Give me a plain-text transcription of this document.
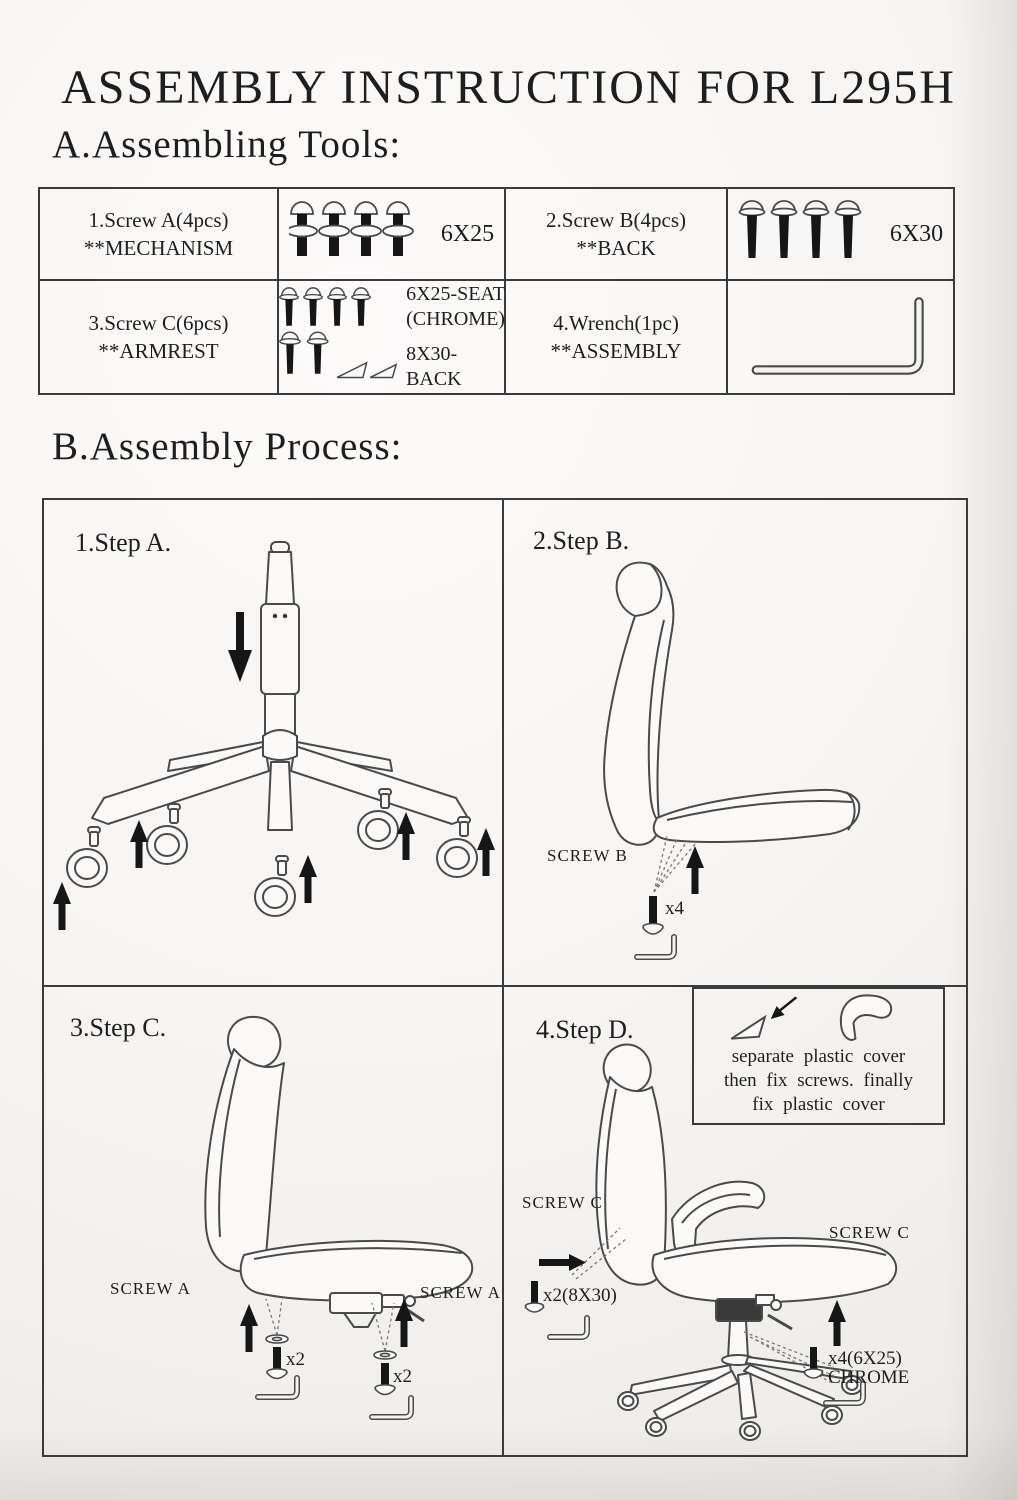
ASSEMBLY INSTRUCTION FOR L295H
A.Assembling Tools:
1.Screw A(4pcs)
**MECHANISM
6X25
2.Screw B(4pcs)
**BACK
6X30
3.Screw C(6pcs)
**ARMREST
6X25-SEAT
(CHROME)
8X30-BACK
4.Wrench(1pc)
**ASSEMBLY
B.Assembly Process:
1.Step A.	2.Step B.
SCREW B
x4
3.Step C.
SCREW A	SCREW A
x2
x2
4.Step D.
SCREW C
x2(8X30)
SCREW C
x4(6X25)
CHROME
separate plastic cover
then fix screws. finally
fix plastic cover
